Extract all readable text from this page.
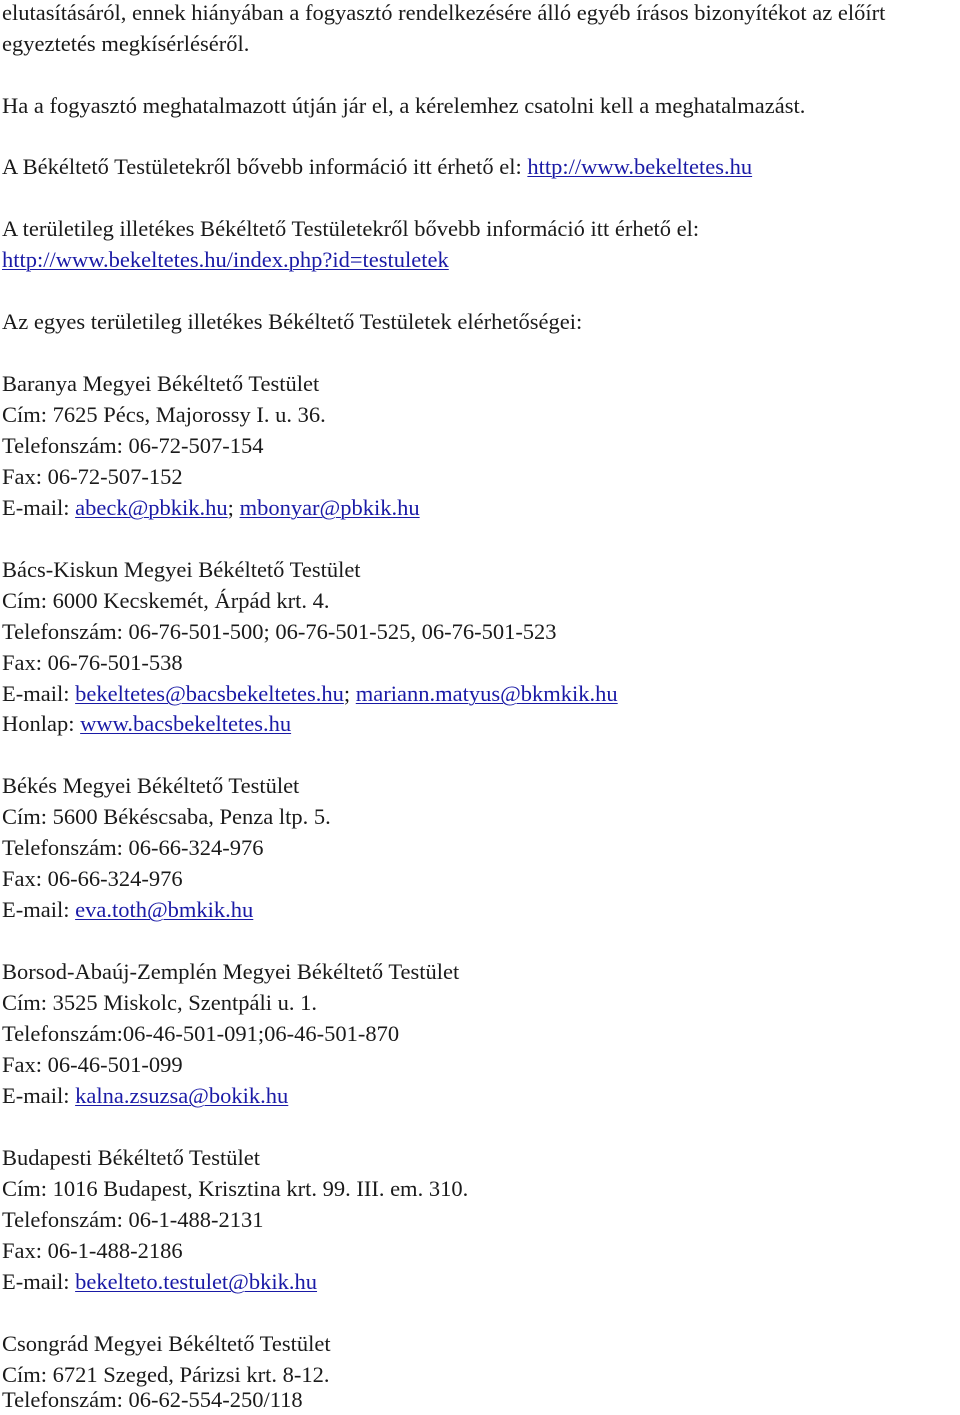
elutasításáról, ennek hiányában a fogyasztó rendelkezésére álló egyéb írásos bizonyítékot az előírt
egyeztetés megkísérléséről.
Ha a fogyasztó meghatalmazott útján jár el, a kérelemhez csatolni kell a meghatalmazást.
A Békéltető Testületekről bővebb információ itt érhető el: http://www.bekeltetes.hu
A területileg illetékes Békéltető Testületekről bővebb információ itt érhető el:
http://www.bekeltetes.hu/index.php?id=testuletek
Az egyes területileg illetékes Békéltető Testületek elérhetőségei:
Baranya Megyei Békéltető Testület
Cím: 7625 Pécs, Majorossy I. u. 36.
Telefonszám: 06-72-507-154
Fax: 06-72-507-152
E-mail: abeck@pbkik.hu; mbonyar@pbkik.hu
Bács-Kiskun Megyei Békéltető Testület
Cím: 6000 Kecskemét, Árpád krt. 4.
Telefonszám: 06-76-501-500; 06-76-501-525, 06-76-501-523
Fax: 06-76-501-538
E-mail: bekeltetes@bacsbekeltetes.hu; mariann.matyus@bkmkik.hu
Honlap: www.bacsbekeltetes.hu
Békés Megyei Békéltető Testület
Cím: 5600 Békéscsaba, Penza ltp. 5.
Telefonszám: 06-66-324-976
Fax: 06-66-324-976
E-mail: eva.toth@bmkik.hu
Borsod-Abaúj-Zemplén Megyei Békéltető Testület
Cím: 3525 Miskolc, Szentpáli u. 1.
Telefonszám:06-46-501-091;06-46-501-870
Fax: 06-46-501-099
E-mail: kalna.zsuzsa@bokik.hu
Budapesti Békéltető Testület
Cím: 1016 Budapest, Krisztina krt. 99. III. em. 310.
Telefonszám: 06-1-488-2131
Fax: 06-1-488-2186
E-mail: bekelteto.testulet@bkik.hu
Csongrád Megyei Békéltető Testület
Cím: 6721 Szeged, Párizsi krt. 8-12.
Telefonszám: 06-62-554-250/118
